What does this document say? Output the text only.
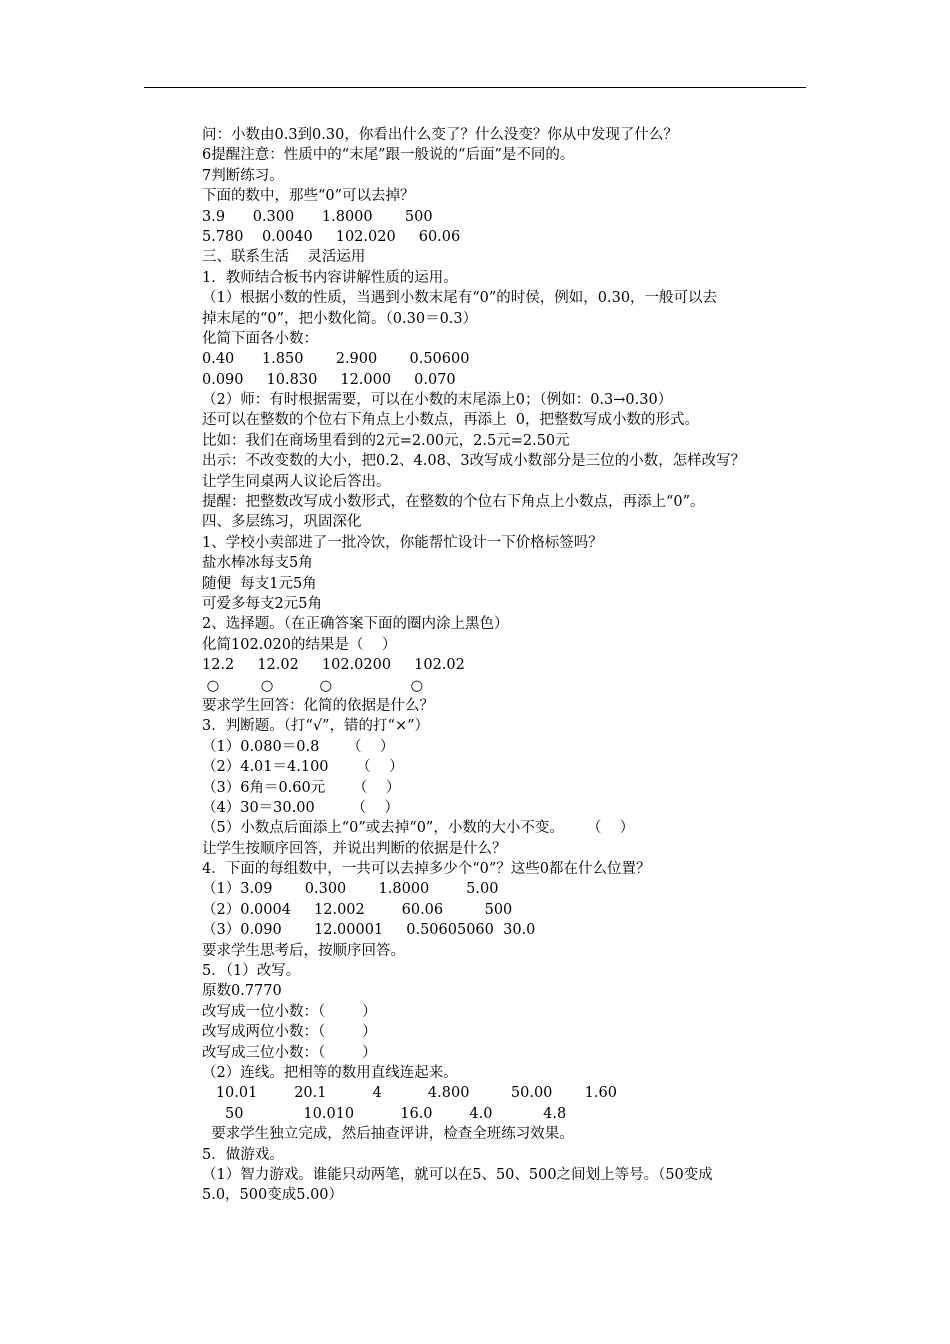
问：小数由0.3到0.30，你看出什么变了？什么没变？你从中发现了什么？
6提醒注意：性质中的“末尾”跟一般说的“后面”是不同的。
7判断练习。
下面的数中，那些“0”可以去掉？
3.9      0.300      1.8000       500
5.780    0.0040     102.020     60.06
三、联系生活    灵活运用
1．教师结合板书内容讲解性质的运用。
（1）根据小数的性质，当遇到小数末尾有“0”的时侯，例如，0.30，一般可以去
掉末尾的“0”，把小数化简。（0.30＝0.3）
化简下面各小数：
0.40      1.850       2.900       0.50600
0.090     10.830     12.000     0.070
（2）师：有时根据需要，可以在小数的末尾添上0；（例如：0.3→0.30）
还可以在整数的个位右下角点上小数点，再添上  0，把整数写成小数的形式。
比如：我们在商场里看到的2元=2.00元，2.5元=2.50元
出示：不改变数的大小，把0.2、4.08、3改写成小数部分是三位的小数，怎样改写？
让学生同桌两人议论后答出。
提醒：把整数改写成小数形式，在整数的个位右下角点上小数点，再添上“0”。
四、多层练习，巩固深化
1、学校小卖部进了一批冷饮，你能帮忙设计一下价格标签吗？
盐水棒冰每支5角
随便  每支1元5角
可爱多每支2元5角
2、选择题。（在正确答案下面的圈内涂上黑色）
化简102.020的结果是（    ）
12.2     12.02     102.0200     102.02
○         ○          ○                 ○
要求学生回答：化简的依据是什么？
3．判断题。（打“√”，错的打“×”）
（1）0.080＝0.8      （    ）
（2）4.01＝4.100      （    ）
（3）6角＝0.60元      （    ）
（4）30＝30.00        （    ）
（5）小数点后面添上“0”或去掉“0”，小数的大小不变。     （    ）
让学生按顺序回答，并说出判断的依据是什么？
4．下面的每组数中，一共可以去掉多少个“0”？这些0都在什么位置？
（1）3.09       0.300       1.8000        5.00
（2）0.0004     12.002        60.06         500
（3）0.090       12.00001     0.50605060  30.0
要求学生思考后，按顺序回答。
5．（1）改写。
原数0.7770
改写成一位小数：（        ）
改写成两位小数：（        ）
改写成三位小数：（        ）
（2）连线。把相等的数用直线连起来。
10.01        20.1          4          4.800         50.00       1.60
50             10.010          16.0        4.0           4.8
要求学生独立完成，然后抽查评讲，检查全班练习效果。
5．做游戏。
（1）智力游戏。谁能只动两笔，就可以在5、50、500之间划上等号。（50变成
5.0，500变成5.00）
